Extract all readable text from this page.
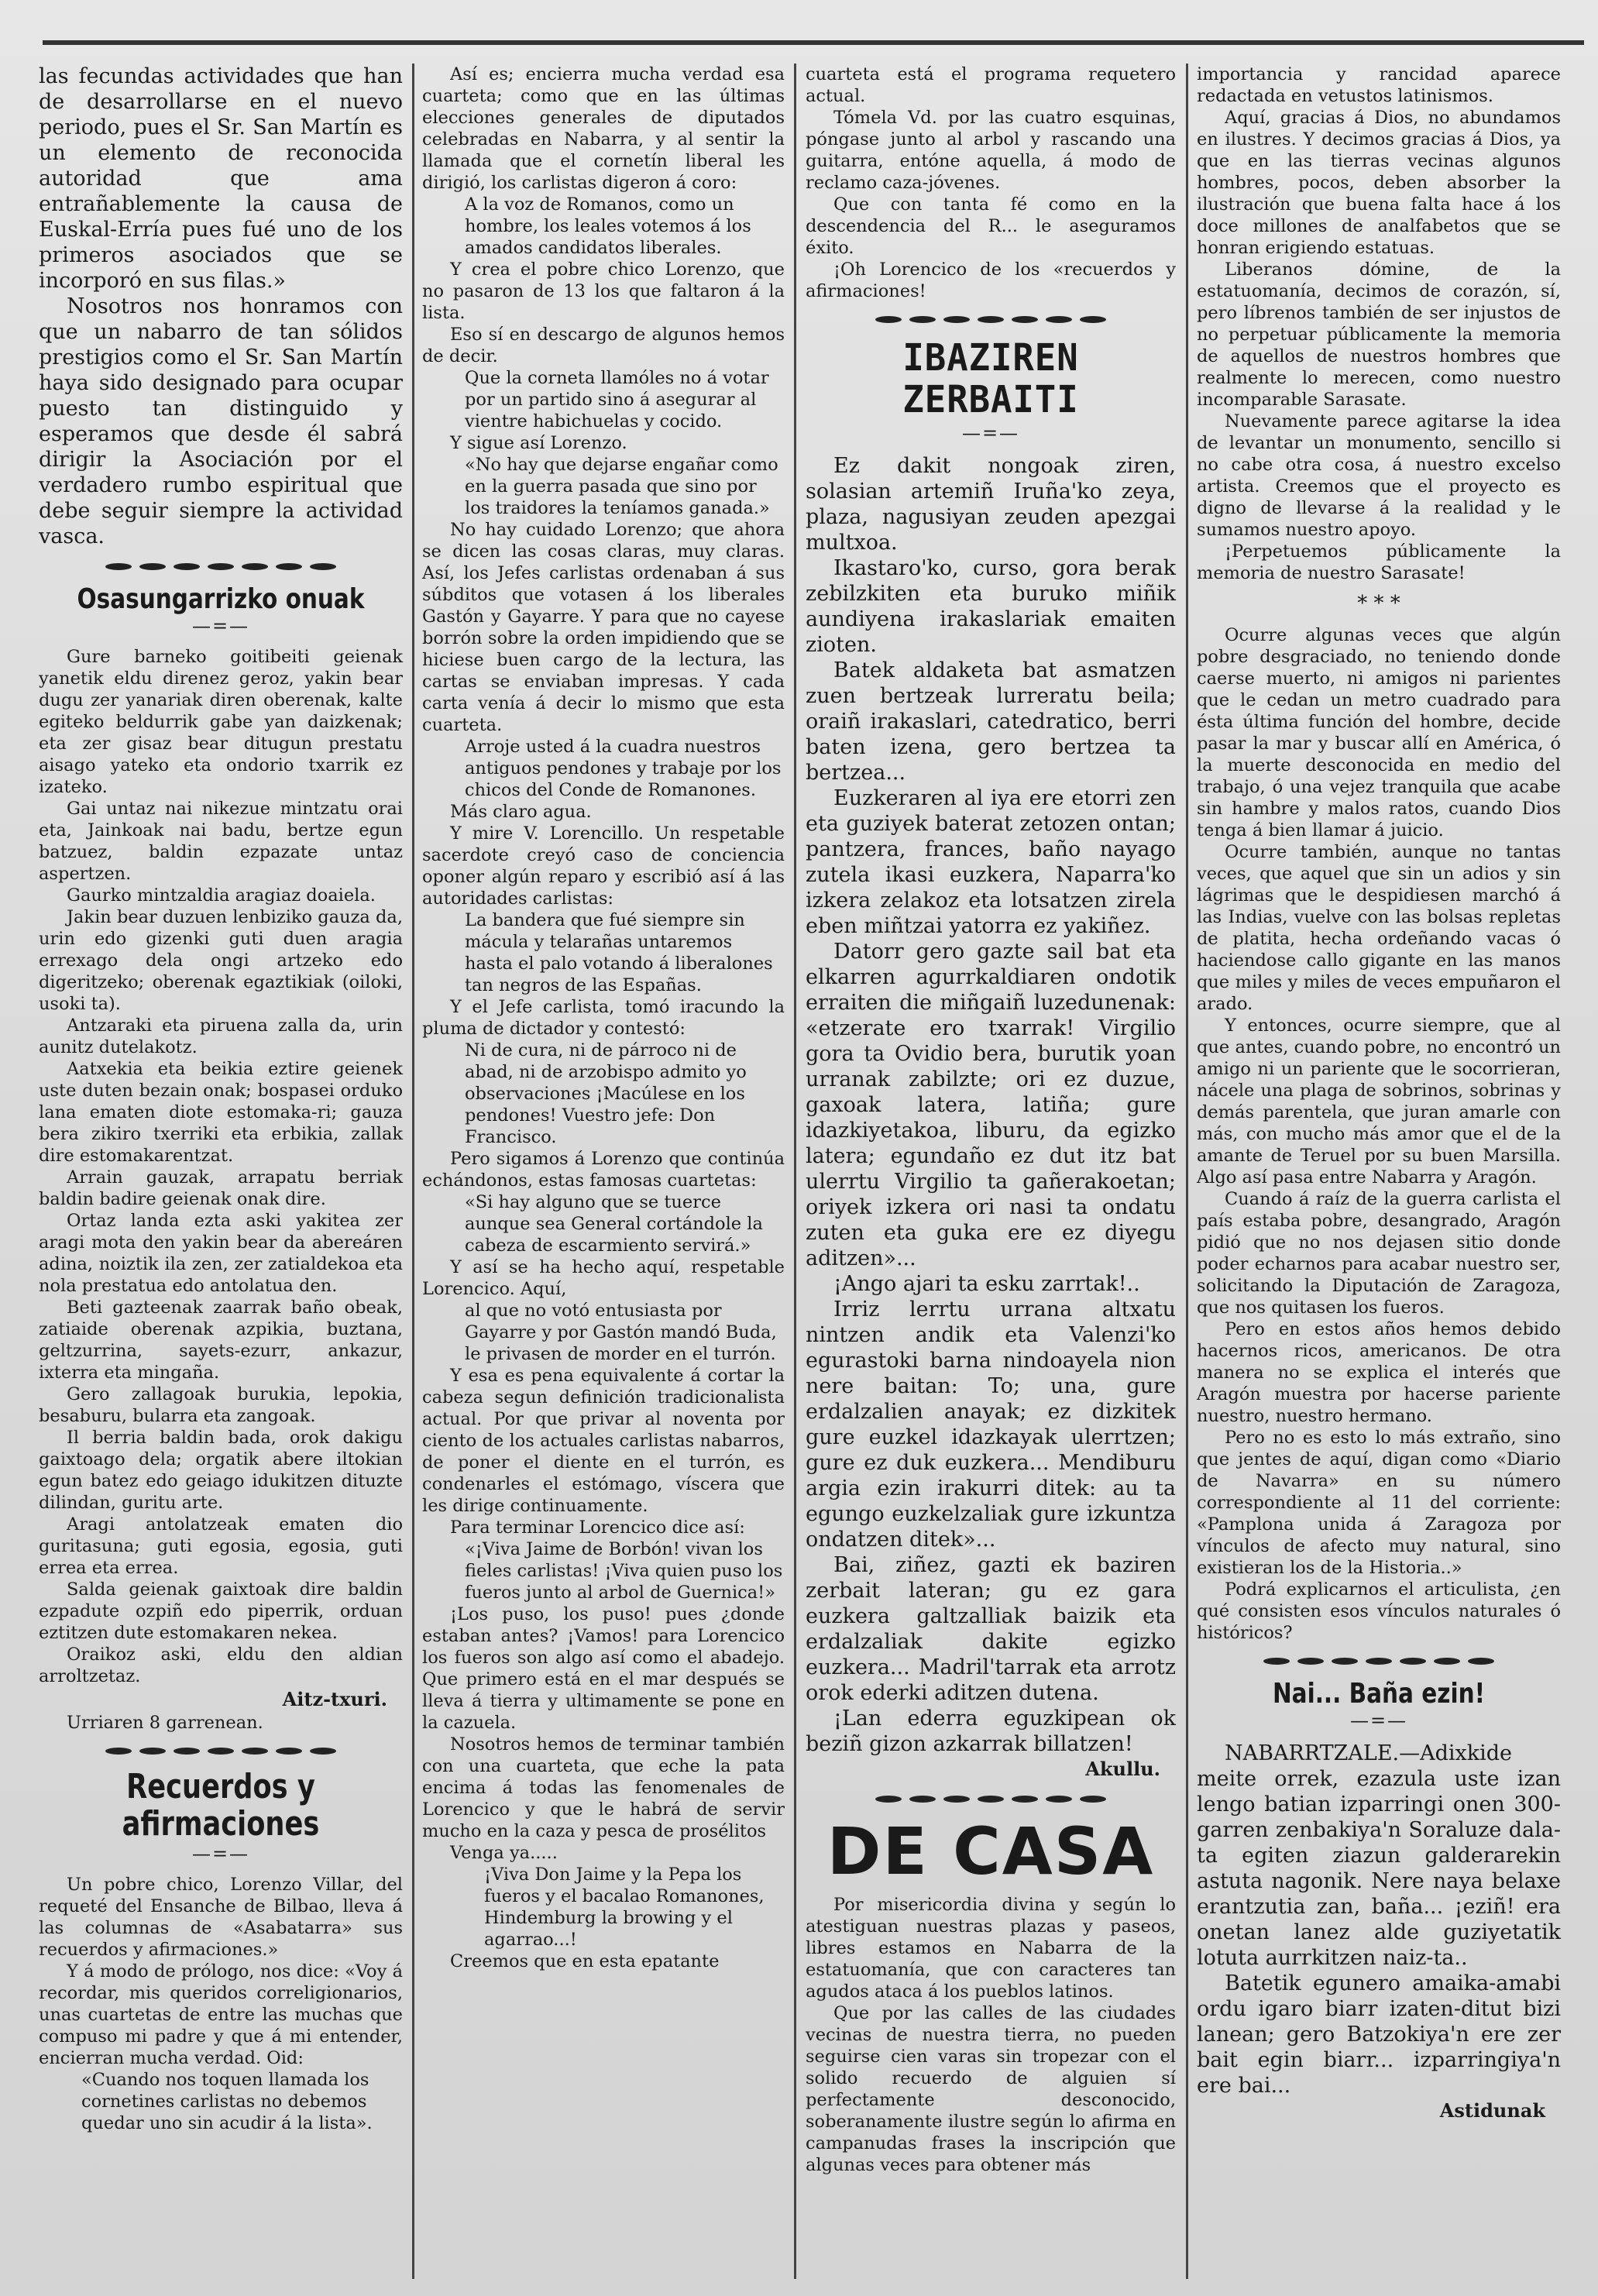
las fecundas actividades que han de desarrollarse en el nuevo periodo, pues el Sr. San Martín es un elemento de reconocida autoridad que ama entrañablemente la causa de Euskal-Erría pues fué uno de los primeros asociados que se incorporó en sus filas.»

Nosotros nos honramos con que un nabarro de tan sólidos prestigios como el Sr. San Martín haya sido designado para ocupar puesto tan distinguido y esperamos que desde él sabrá dirigir la Asociación por el verdadero rumbo espiritual que debe seguir siempre la actividad vasca.

Osasungarrizko onuak
—=—

Gure barneko goitibeiti geienak yanetik eldu direnez geroz, yakin bear dugu zer yanariak diren oberenak, kalte egiteko beldurrik gabe yan daizkenak; eta zer gisaz bear ditugun prestatu aisago yateko eta ondorio txarrik ez izateko.

Gai untaz nai nikezue mintzatu orai eta, Jainkoak nai badu, bertze egun batzuez, baldin ezpazate untaz aspertzen.

Gaurko mintzaldia aragiaz doaiela.

Jakin bear duzuen lenbiziko gauza da, urin edo gizenki guti duen aragia errexago dela ongi artzeko edo digeritzeko; oberenak egaztikiak (oiloki, usoki ta).

Antzaraki eta piruena zalla da, urin aunitz dutelakotz.

Aatxekia eta beikia eztire geienek uste duten bezain onak; bospasei orduko lana ematen diote estomaka-ri; gauza bera zikiro txerriki eta erbikia, zallak dire estomakarentzat.

Arrain gauzak, arrapatu berriak baldin badire geienak onak dire.

Ortaz landa ezta aski yakitea zer aragi mota den yakin bear da abereáren adina, noiztik ila zen, zer zatialdekoa eta nola prestatua edo antolatua den.

Beti gazteenak zaarrak baño obeak, zatiaide oberenak azpikia, buztana, geltzurrina, sayets-ezurr, ankazur, ixterra eta mingaña.

Gero zallagoak burukia, lepokia, besaburu, bularra eta zangoak.

Il berria baldin bada, orok dakigu gaixtoago dela; orgatik abere iltokian egun batez edo geiago idukitzen dituzte dilindan, guritu arte.

Aragi antolatzeak ematen dio guritasuna; guti egosia, egosia, guti errea eta errea.

Salda geienak gaixtoak dire baldin ezpadute ozpiñ edo piperrik, orduan eztitzen dute estomakaren nekea.

Oraikoz aski, eldu den aldian arroltzetaz.

Aitz-txuri.

Urriaren 8 garrenean.

Recuerdos y afirmaciones
—=—

Un pobre chico, Lorenzo Villar, del requeté del Ensanche de Bilbao, lleva á las columnas de «Asabatarra» sus recuerdos y afirmaciones.»

Y á modo de prólogo, nos dice: «Voy á recordar, mis queridos correligionarios, unas cuartetas de entre las muchas que compuso mi padre y que á mi entender, encierran mucha verdad. Oid:

«Cuando nos toquen llamada los cornetines carlistas no debemos quedar uno sin acudir á la lista».

Así es; encierra mucha verdad esa cuarteta; como que en las últimas elecciones generales de diputados celebradas en Nabarra, y al sentir la llamada que el cornetín liberal les dirigió, los carlistas digeron á coro:

A la voz de Romanos, como un hombre, los leales votemos á los amados candidatos liberales.

Y crea el pobre chico Lorenzo, que no pasaron de 13 los que faltaron á la lista.

Eso sí en descargo de algunos hemos de decir.

Que la corneta llamóles no á votar por un partido sino á asegurar al vientre habichuelas y cocido.

Y sigue así Lorenzo.

«No hay que dejarse engañar como en la guerra pasada que sino por los traidores la teníamos ganada.»

No hay cuidado Lorenzo; que ahora se dicen las cosas claras, muy claras. Así, los Jefes carlistas ordenaban á sus súbditos que votasen á los liberales Gastón y Gayarre. Y para que no cayese borrón sobre la orden impidiendo que se hiciese buen cargo de la lectura, las cartas se enviaban impresas. Y cada carta venía á decir lo mismo que esta cuarteta.

Arroje usted á la cuadra nuestros antiguos pendones y trabaje por los chicos del Conde de Romanones.

Más claro agua.

Y mire V. Lorencillo. Un respetable sacerdote creyó caso de conciencia oponer algún reparo y escribió así á las autoridades carlistas:

La bandera que fué siempre sin mácula y telarañas untaremos hasta el palo votando á liberalones tan negros de las Españas.

Y el Jefe carlista, tomó iracundo la pluma de dictador y contestó:

Ni de cura, ni de párroco ni de abad, ni de arzobispo admito yo observaciones ¡Macúlese en los pendones! Vuestro jefe: Don Francisco.

Pero sigamos á Lorenzo que continúa echándonos, estas famosas cuartetas:

«Si hay alguno que se tuerce aunque sea General cortándole la cabeza de escarmiento servirá.»

Y así se ha hecho aquí, respetable Lorencico. Aquí,

al que no votó entusiasta por Gayarre y por Gastón mandó Buda, le privasen de morder en el turrón.

Y esa es pena equivalente á cortar la cabeza segun definición tradicionalista actual. Por que privar al noventa por ciento de los actuales carlistas nabarros, de poner el diente en el turrón, es condenarles el estómago, víscera que les dirige continuamente.

Para terminar Lorencico dice así:

«¡Viva Jaime de Borbón! vivan los fieles carlistas! ¡Viva quien puso los fueros junto al arbol de Guernica!»

¡Los puso, los puso! pues ¿donde estaban antes? ¡Vamos! para Lorencico los fueros son algo así como el abadejo. Que primero está en el mar después se lleva á tierra y ultimamente se pone en la cazuela.

Nosotros hemos de terminar también con una cuarteta, que eche la pata encima á todas las fenomenales de Lorencico y que le habrá de servir mucho en la caza y pesca de prosélitos

Venga ya.....

¡Viva Don Jaime y la Pepa los fueros y el bacalao Romanones, Hindemburg la browing y el agarrao...!

Creemos que en esta epatante

cuarteta está el programa requetero actual.

Tómela Vd. por las cuatro esquinas, póngase junto al arbol y rascando una guitarra, entóne aquella, á modo de reclamo caza-jóvenes.

Que con tanta fé como en la descendencia del R... le aseguramos éxito.

¡Oh Lorencico de los «recuerdos y afirmaciones!

IBAZIREN ZERBAITI
—=—

Ez dakit nongoak ziren, solasian artemiñ Iruña'ko zeya, plaza, nagusiyan zeuden apezgai multxoa.

Ikastaro'ko, curso, gora berak zebilzkiten eta buruko miñik aundiyena irakaslariak emaiten zioten.

Batek aldaketa bat asmatzen zuen bertzeak lurreratu beila; oraiñ irakaslari, catedratico, berri baten izena, gero bertzea ta bertzea...

Euzkeraren al iya ere etorri zen eta guziyek baterat zetozen ontan; pantzera, frances, baño nayago zutela ikasi euzkera, Naparra'ko izkera zelakoz eta lotsatzen zirela eben miñtzai yatorra ez yakiñez.

Datorr gero gazte sail bat eta elkarren agurrkaldiaren ondotik erraiten die miñgaiñ luzedunenak: «etzerate ero txarrak! Virgilio gora ta Ovidio bera, burutik yoan urranak zabilzte; ori ez duzue, gaxoak latera, latiña; gure idazkiyetakoa, liburu, da egizko latera; egundaño ez dut itz bat ulerrtu Virgilio ta gañerakoetan; oriyek izkera ori nasi ta ondatu zuten eta guka ere ez diyegu aditzen»...

¡Ango ajari ta esku zarrtak!..

Irriz lerrtu urrana altxatu nintzen andik eta Valenzi'ko egurastoki barna nindoayela nion nere baitan: To; una, gure erdalzalien anayak; ez dizkitek gure euzkel idazkayak ulerrtzen; gure ez duk euzkera... Mendiburu argia ezin irakurri ditek: au ta egungo euzkelzaliak gure izkuntza ondatzen ditek»...

Bai, ziñez, gazti ek baziren zerbait lateran; gu ez gara euzkera galtzalliak baizik eta erdalzaliak dakite egizko euzkera... Madril'tarrak eta arrotz orok ederki aditzen dutena.

¡Lan ederra eguzkipean ok beziñ gizon azkarrak billatzen!

Akullu.

DE CASA

Por misericordia divina y según lo atestiguan nuestras plazas y paseos, libres estamos en Nabarra de la estatuomanía, que con caracteres tan agudos ataca á los pueblos latinos.

Que por las calles de las ciudades vecinas de nuestra tierra, no pueden seguirse cien varas sin tropezar con el solido recuerdo de alguien sí perfectamente desconocido, soberanamente ilustre según lo afirma en campanudas frases la inscripción que algunas veces para obtener más

importancia y rancidad aparece redactada en vetustos latinismos.

Aquí, gracias á Dios, no abundamos en ilustres. Y decimos gracias á Dios, ya que en las tierras vecinas algunos hombres, pocos, deben absorber la ilustración que buena falta hace á los doce millones de analfabetos que se honran erigiendo estatuas.

Liberanos dómine, de la estatuomanía, decimos de corazón, sí, pero líbrenos también de ser injustos de no perpetuar públicamente la memoria de aquellos de nuestros hombres que realmente lo merecen, como nuestro incomparable Sarasate.

Nuevamente parece agitarse la idea de levantar un monumento, sencillo si no cabe otra cosa, á nuestro excelso artista. Creemos que el proyecto es digno de llevarse á la realidad y le sumamos nuestro apoyo.

¡Perpetuemos públicamente la memoria de nuestro Sarasate!

* * *

Ocurre algunas veces que algún pobre desgraciado, no teniendo donde caerse muerto, ni amigos ni parientes que le cedan un metro cuadrado para ésta última función del hombre, decide pasar la mar y buscar allí en América, ó la muerte desconocida en medio del trabajo, ó una vejez tranquila que acabe sin hambre y malos ratos, cuando Dios tenga á bien llamar á juicio.

Ocurre también, aunque no tantas veces, que aquel que sin un adios y sin lágrimas que le despidiesen marchó á las Indias, vuelve con las bolsas repletas de platita, hecha ordeñando vacas ó haciendose callo gigante en las manos que miles y miles de veces empuñaron el arado.

Y entonces, ocurre siempre, que al que antes, cuando pobre, no encontró un amigo ni un pariente que le socorrieran, nácele una plaga de sobrinos, sobrinas y demás parentela, que juran amarle con más, con mucho más amor que el de la amante de Teruel por su buen Marsilla. Algo así pasa entre Nabarra y Aragón.

Cuando á raíz de la guerra carlista el país estaba pobre, desangrado, Aragón pidió que no nos dejasen sitio donde poder echarnos para acabar nuestro ser, solicitando la Diputación de Zaragoza, que nos quitasen los fueros.

Pero en estos años hemos debido hacernos ricos, americanos. De otra manera no se explica el interés que Aragón muestra por hacerse pariente nuestro, nuestro hermano.

Pero no es esto lo más extraño, sino que jentes de aquí, digan como «Diario de Navarra» en su número correspondiente al 11 del corriente: «Pamplona unida á Zaragoza por vínculos de afecto muy natural, sino existieran los de la Historia..»

Podrá explicarnos el articulista, ¿en qué consisten esos vínculos naturales ó históricos?

Nai... Baña ezin!
—=—

NABARRTZALE.—Adixkide meite orrek, ezazula uste izan lengo batian izparringi onen 300-garren zenbakiya'n Soraluze dala-ta egiten ziazun galderarekin astuta nagonik. Nere naya belaxe erantzutia zan, baña... ¡eziñ! era onetan lanez alde guziyetatik lotuta aurrkitzen naiz-ta..

Batetik egunero amaika-amabi ordu igaro biarr izaten-ditut bizi lanean; gero Batzokiya'n ere zer bait egin biarr... izparringiya'n ere bai...

Astidunak
